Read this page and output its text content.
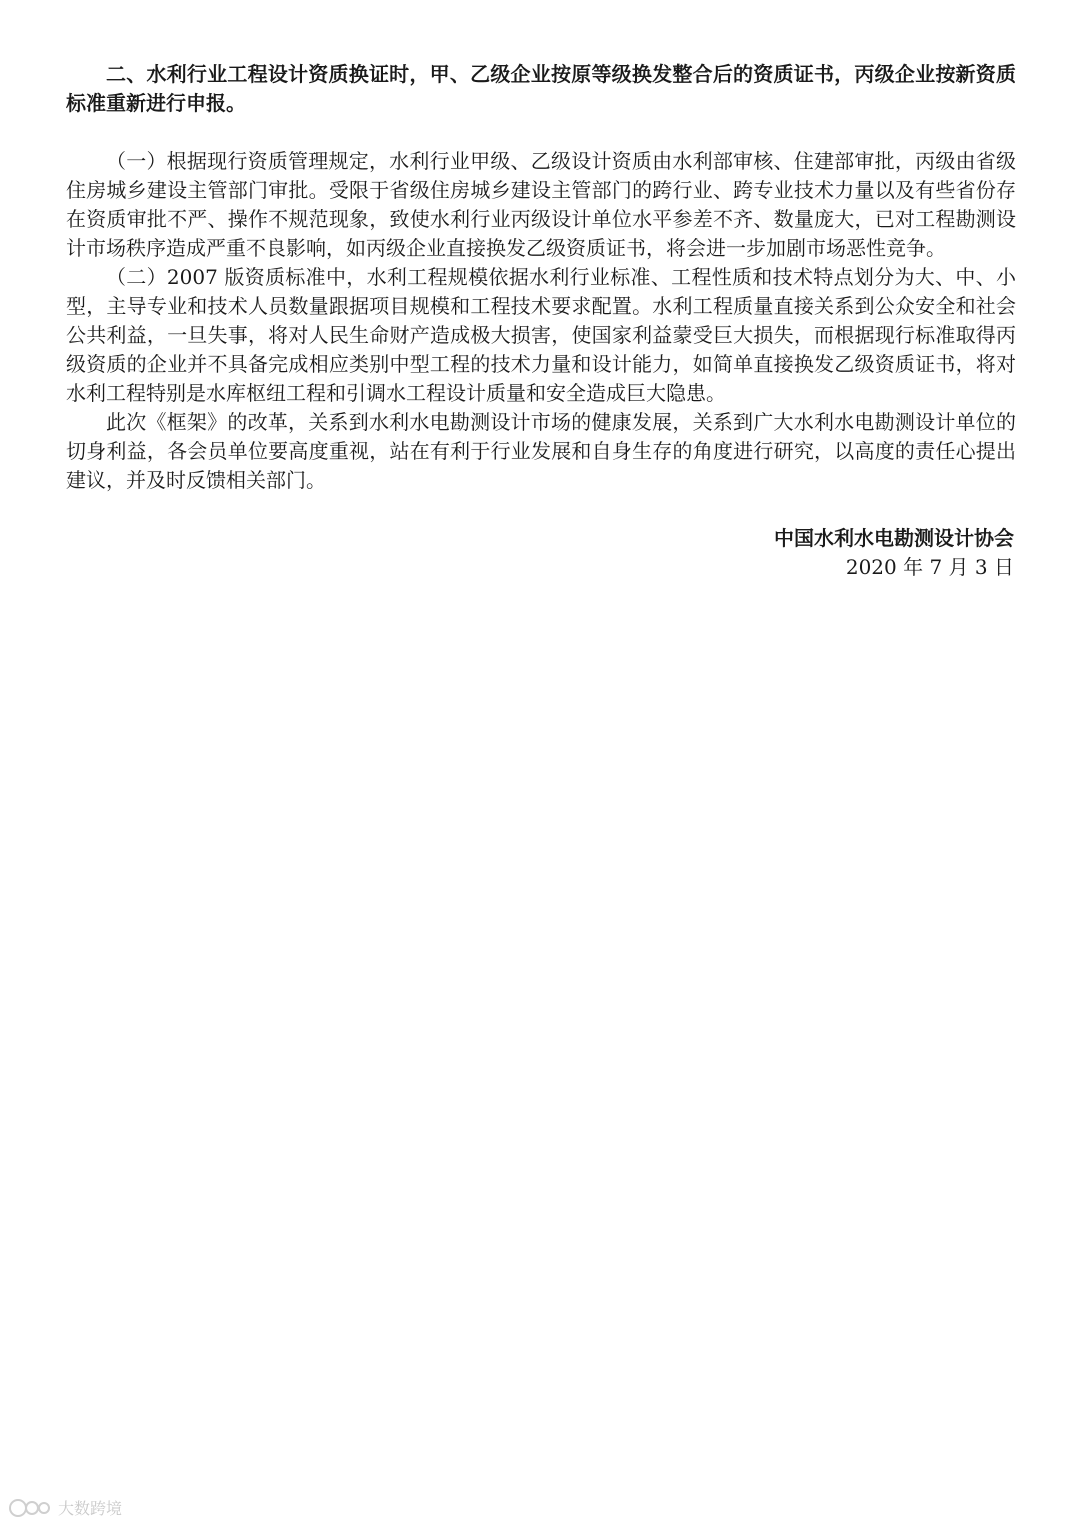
二、水利行业工程设计资质换证时，甲、乙级企业按原等级换发整合后的资质证书，丙级企业按新资质标准重新进行申报。

（一）根据现行资质管理规定，水利行业甲级、乙级设计资质由水利部审核、住建部审批，丙级由省级住房城乡建设主管部门审批。受限于省级住房城乡建设主管部门的跨行业、跨专业技术力量以及有些省份存在资质审批不严、操作不规范现象，致使水利行业丙级设计单位水平参差不齐、数量庞大，已对工程勘测设计市场秩序造成严重不良影响，如丙级企业直接换发乙级资质证书，将会进一步加剧市场恶性竞争。

（二）2007 版资质标准中，水利工程规模依据水利行业标准、工程性质和技术特点划分为大、中、小型，主导专业和技术人员数量跟据项目规模和工程技术要求配置。水利工程质量直接关系到公众安全和社会公共利益，一旦失事，将对人民生命财产造成极大损害，使国家利益蒙受巨大损失，而根据现行标准取得丙级资质的企业并不具备完成相应类别中型工程的技术力量和设计能力，如简单直接换发乙级资质证书，将对水利工程特别是水库枢纽工程和引调水工程设计质量和安全造成巨大隐患。

此次《框架》的改革，关系到水利水电勘测设计市场的健康发展，关系到广大水利水电勘测设计单位的切身利益，各会员单位要高度重视，站在有利于行业发展和自身生存的角度进行研究，以高度的责任心提出建议，并及时反馈相关部门。

中国水利水电勘测设计协会
2020 年 7 月 3 日
大数跨境
